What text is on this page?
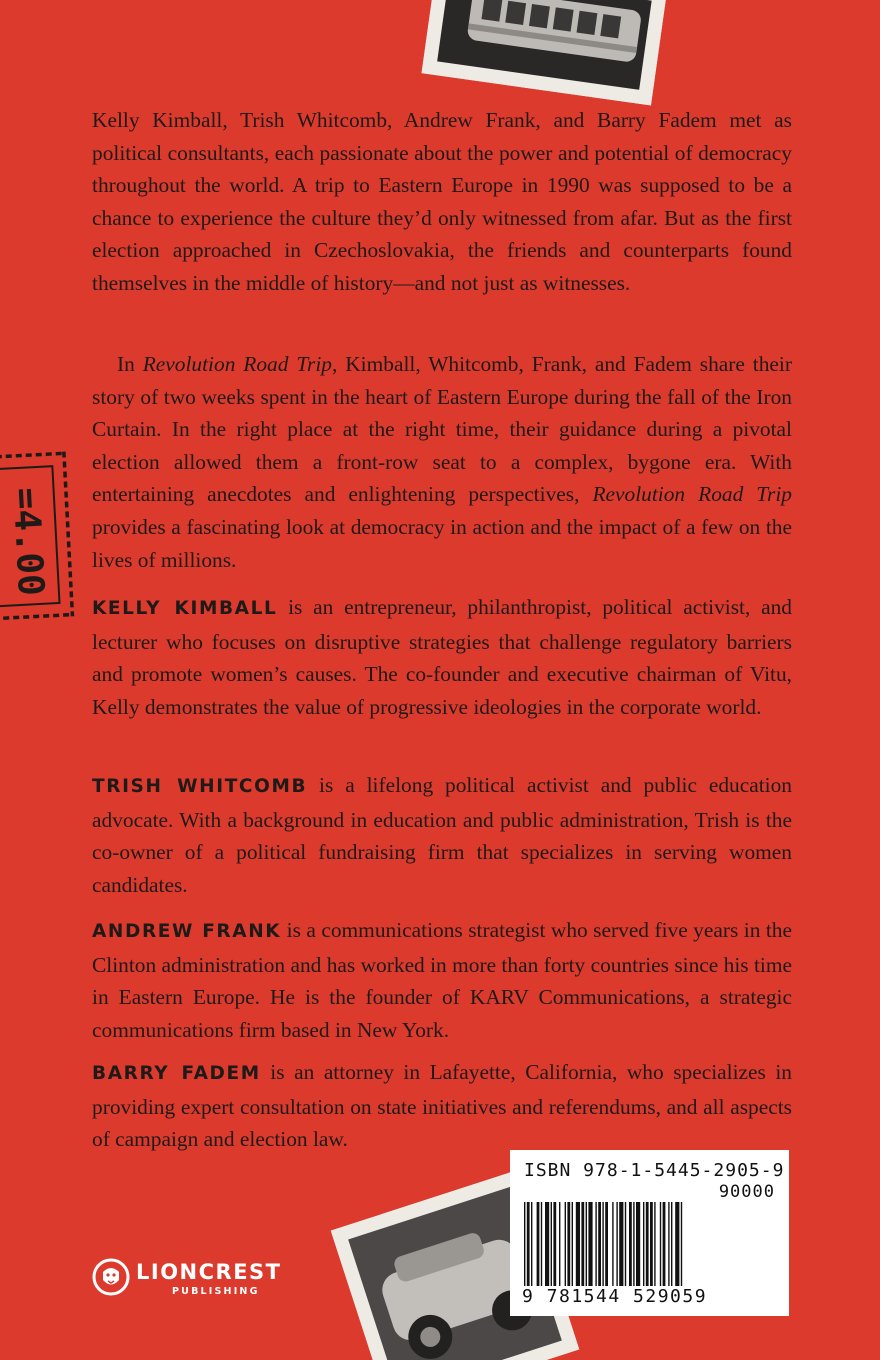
=4.00

Kelly Kimball, Trish Whitcomb, Andrew Frank, and Barry Fadem met as political consultants, each passionate about the power and potential of democracy throughout the world. A trip to Eastern Europe in 1990 was supposed to be a chance to experience the culture they’d only witnessed from afar. But as the first election approached in Czechoslovakia, the friends and counterparts found themselves in the middle of history—and not just as witnesses.

In Revolution Road Trip, Kimball, Whitcomb, Frank, and Fadem share their story of two weeks spent in the heart of Eastern Europe during the fall of the Iron Curtain. In the right place at the right time, their guidance during a pivotal election allowed them a front-row seat to a complex, bygone era. With entertaining anecdotes and enlightening perspectives, Revolution Road Trip provides a fascinating look at democracy in action and the impact of a few on the lives of millions.

KELLY KIMBALL is an entrepreneur, philanthropist, political activist, and lecturer who focuses on disruptive strategies that challenge regulatory barriers and promote women’s causes. The co-founder and executive chairman of Vitu, Kelly demonstrates the value of progressive ideologies in the corporate world.

TRISH WHITCOMB is a lifelong political activist and public education advocate. With a background in education and public administration, Trish is the co-owner of a political fundraising firm that specializes in serving women candidates.

ANDREW FRANK is a communications strategist who served five years in the Clinton administration and has worked in more than forty countries since his time in Eastern Europe. He is the founder of KARV Communications, a strategic communications firm based in New York.

BARRY FADEM is an attorney in Lafayette, California, who specializes in providing expert consultation on state initiatives and referendums, and all aspects of campaign and election law.

ISBN 978-1-5445-2905-9
90000
9 781544 529059
LIONCREST
PUBLISHING
